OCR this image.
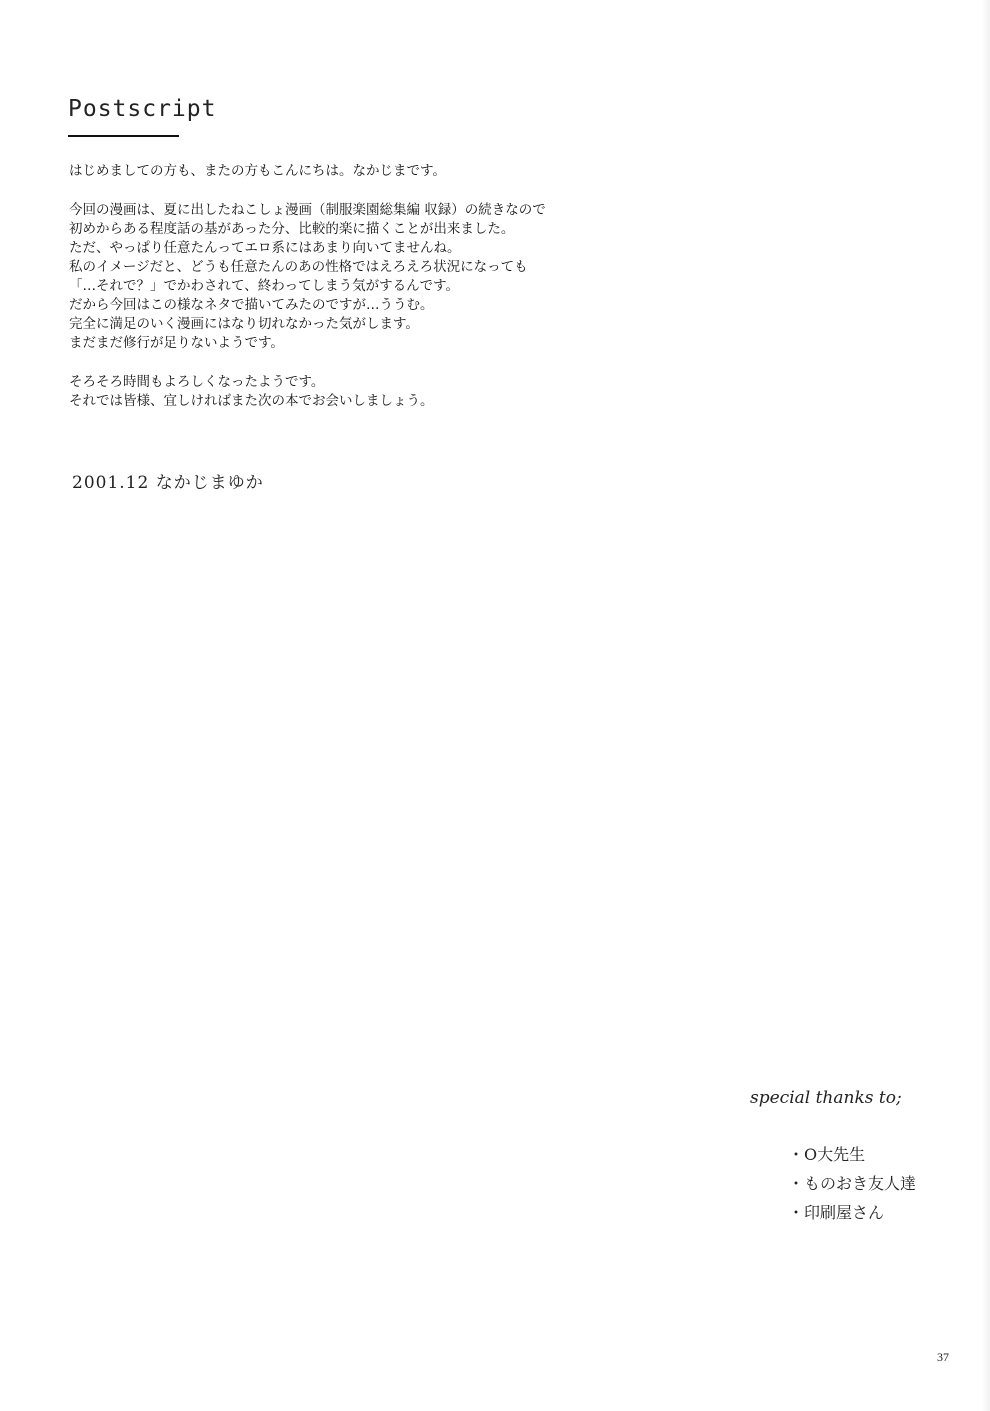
Postscript
はじめましての方も、またの方もこんにちは。なかじまです。
今回の漫画は、夏に出したねこしょ漫画（制服楽園総集編 収録）の続きなので
初めからある程度話の基があった分、比較的楽に描くことが出来ました。
ただ、やっぱり任意たんってエロ系にはあまり向いてませんね。
私のイメージだと、どうも任意たんのあの性格ではえろえろ状況になっても
「…それで？」でかわされて、終わってしまう気がするんです。
だから今回はこの様なネタで描いてみたのですが…ううむ。
完全に満足のいく漫画にはなり切れなかった気がします。
まだまだ修行が足りないようです。
そろそろ時間もよろしくなったようです。
それでは皆様、宜しければまた次の本でお会いしましょう。
2001.12 なかじまゆか
special thanks to;
・O大先生
・ものおき友人達
・印刷屋さん
37
